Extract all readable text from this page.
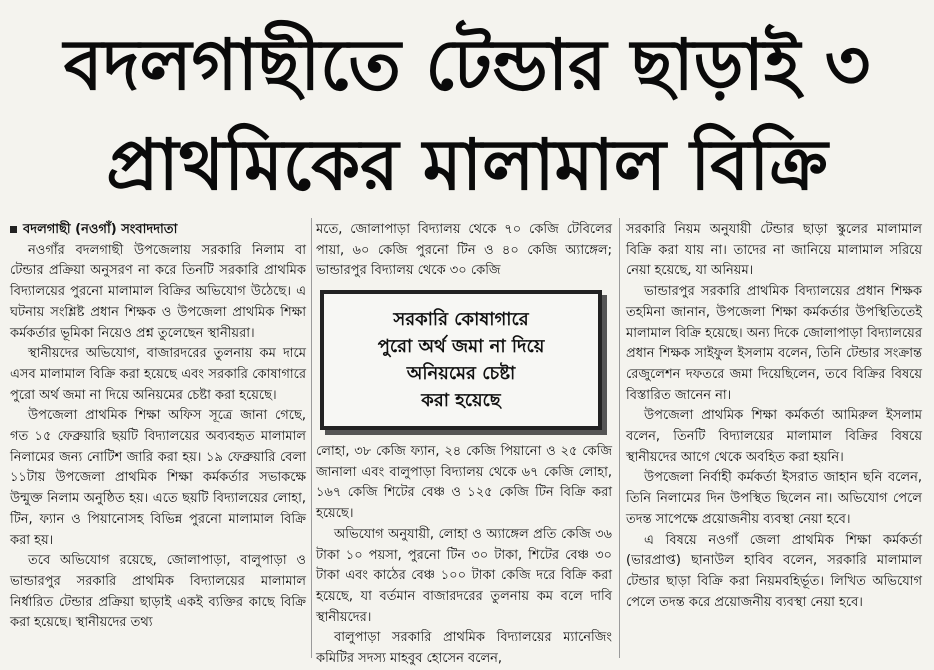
বদলগাছীতে টেন্ডার ছাড়াই ৩
প্রাথমিকের মালামাল বিক্রি

বদলগাছী (নওগাঁ) সংবাদদাতা

নওগাঁর বদলগাছী উপজেলায় সরকারি নিলাম বা টেন্ডার প্রক্রিয়া অনুসরণ না করে তিনটি সরকারি প্রাথমিক বিদ্যালয়ের পুরনো মালামাল বিক্রির অভিযোগ উঠেছে। এ ঘটনায় সংশ্লিষ্ট প্রধান শিক্ষক ও উপজেলা প্রাথমিক শিক্ষা কর্মকর্তার ভূমিকা নিয়েও প্রশ্ন তুলেছেন স্থানীয়রা।

স্থানীয়দের অভিযোগ, বাজারদরের তুলনায় কম দামে এসব মালামাল বিক্রি করা হয়েছে এবং সরকারি কোষাগারে পুরো অর্থ জমা না দিয়ে অনিয়মের চেষ্টা করা হয়েছে।

উপজেলা প্রাথমিক শিক্ষা অফিস সূত্রে জানা গেছে, গত ১৫ ফেব্রুয়ারি ছয়টি বিদ্যালয়ের অব্যবহৃত মালামাল নিলামের জন্য নোটিশ জারি করা হয়। ১৯ ফেব্রুয়ারি বেলা ১১টায় উপজেলা প্রাথমিক শিক্ষা কর্মকর্তার সভাকক্ষে উন্মুক্ত নিলাম অনুষ্ঠিত হয়। এতে ছয়টি বিদ্যালয়ের লোহা, টিন, ফ্যান ও পিয়ানোসহ বিভিন্ন পুরনো মালামাল বিক্রি করা হয়।

তবে অভিযোগ রয়েছে, জোলাপাড়া, বালুপাড়া ও ভান্ডারপুর সরকারি প্রাথমিক বিদ্যালয়ের মালামাল নির্ধারিত টেন্ডার প্রক্রিয়া ছাড়াই একই ব্যক্তির কাছে বিক্রি করা হয়েছে। স্থানীয়দের তথ্য

মতে, জোলাপাড়া বিদ্যালয় থেকে ৭০ কেজি টেবিলের পায়া, ৬০ কেজি পুরনো টিন ও ৪০ কেজি অ্যাঙ্গেল; ভান্ডারপুর বিদ্যালয় থেকে ৩০ কেজি

সরকারি কোষাগারে
পুরো অর্থ জমা না দিয়ে
অনিয়মের চেষ্টা
করা হয়েছে

লোহা, ৩৮ কেজি ফ্যান, ২৪ কেজি পিয়ানো ও ২৫ কেজি জানালা এবং বালুপাড়া বিদ্যালয় থেকে ৬৭ কেজি লোহা, ১৬৭ কেজি শিটের বেঞ্চ ও ১২৫ কেজি টিন বিক্রি করা হয়েছে।

অভিযোগ অনুযায়ী, লোহা ও অ্যাঙ্গেল প্রতি কেজি ৩৬ টাকা ১০ পয়সা, পুরনো টিন ৩০ টাকা, শিটের বেঞ্চ ৩০ টাকা এবং কাঠের বেঞ্চ ১০০ টাকা কেজি দরে বিক্রি করা হয়েছে, যা বর্তমান বাজারদরের তুলনায় কম বলে দাবি স্থানীয়দের।

বালুপাড়া সরকারি প্রাথমিক বিদ্যালয়ের ম্যানেজিং কমিটির সদস্য মাহবুব হোসেন বলেন,

সরকারি নিয়ম অনুযায়ী টেন্ডার ছাড়া স্কুলের মালামাল বিক্রি করা যায় না। তাদের না জানিয়ে মালামাল সরিয়ে নেয়া হয়েছে, যা অনিয়ম।

ভান্ডারপুর সরকারি প্রাথমিক বিদ্যালয়ের প্রধান শিক্ষক তহমিনা জানান, উপজেলা শিক্ষা কর্মকর্তার উপস্থিতিতেই মালামাল বিক্রি হয়েছে। অন্য দিকে জোলাপাড়া বিদ্যালয়ের প্রধান শিক্ষক সাইফুল ইসলাম বলেন, তিনি টেন্ডার সংক্রান্ত রেজুলেশন দফতরে জমা দিয়েছিলেন, তবে বিক্রির বিষয়ে বিস্তারিত জানেন না।

উপজেলা প্রাথমিক শিক্ষা কর্মকর্তা আমিরুল ইসলাম বলেন, তিনটি বিদ্যালয়ের মালামাল বিক্রির বিষয়ে স্থানীয়দের আগে থেকে অবহিত করা হয়নি।

উপজেলা নির্বাহী কর্মকর্তা ইসরাত জাহান ছনি বলেন, তিনি নিলামের দিন উপস্থিত ছিলেন না। অভিযোগ পেলে তদন্ত সাপেক্ষে প্রয়োজনীয় ব্যবস্থা নেয়া হবে।

এ বিষয়ে নওগাঁ জেলা প্রাথমিক শিক্ষা কর্মকর্তা (ভারপ্রাপ্ত) ছানাউল হাবিব বলেন, সরকারি মালামাল টেন্ডার ছাড়া বিক্রি করা নিয়মবহির্ভূত। লিখিত অভিযোগ পেলে তদন্ত করে প্রয়োজনীয় ব্যবস্থা নেয়া হবে।
